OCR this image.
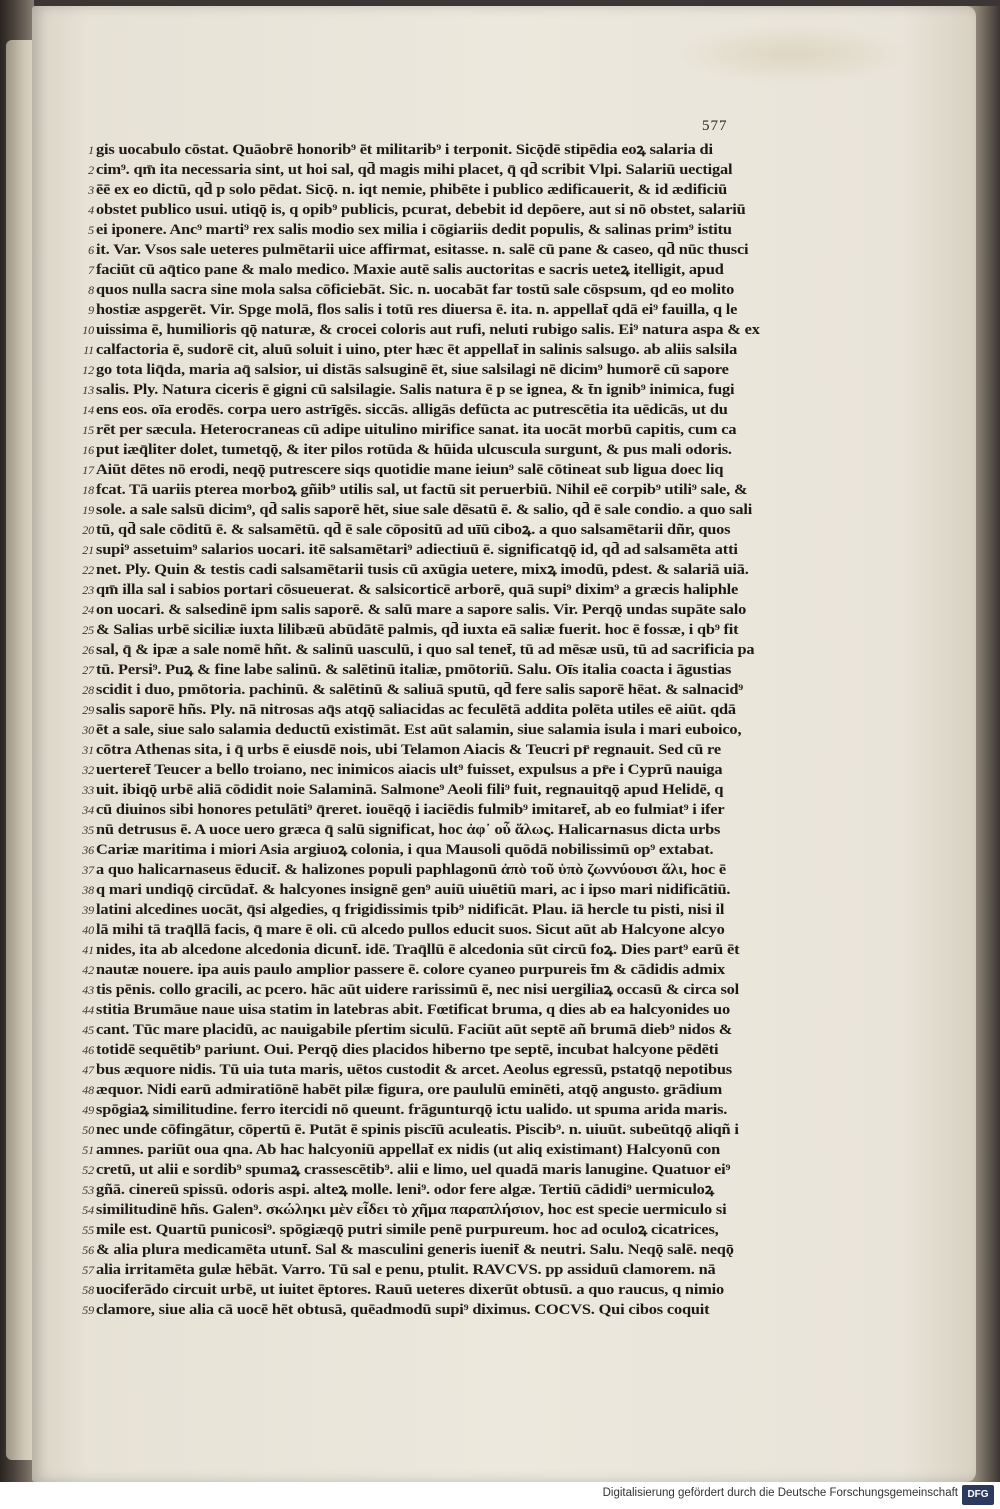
577
1 gis uocabulo cōstat. Quāobrē honorib⁹ ēt militarib⁹ i terponit. Sicǭdē stipēdia eoꝝ salaria di
2 cim⁹. qm̄ ita necessaria sint, ut hoi sal, qd̄ magis mihi placet, q̄ qd̄ scribit Vlpi. Salariū uectigal
3 ēē ex eo dictū, qd̄ p solo pēdat. Sicǭ. n. iqt nemie, phibēte i publico ædificauerit, & id ædificiū
4 obstet publico usui. utiqǭ is, q opib⁹ publicis, pcurat, debebit id depōere, aut si nō obstet, salariū
5 ei iponere. Anc⁹ marti⁹ rex salis modio sex milia i cōgiariis dedit populis, & salinas prim⁹ istitu
6 it. Var. Vsos sale ueteres pulmētarii uice affirmat, esitasse. n. salē cū pane & caseo, qd̄ nūc thusci
7 faciūt cū aq̄tico pane & malo medico. Maxie autē salis auctoritas e sacris ueteꝝ itelligit, apud
8 quos nulla sacra sine mola salsa cōficiebāt. Sic. n. uocabāt far tostū sale cōspsum, qd eo molito
9 hostiæ aspgerēt. Vir. Spge molā, flos salis i totū res diuersa ē. ita. n. appellat̄ qdā ei⁹ fauilla, q le
10 uissima ē, humilioris qǭ naturæ, & crocei coloris aut rufi, neluti rubigo salis. Ei⁹ natura aspa & ex
11 calfactoria ē, sudorē cit, aluū soluit i uino, pter hæc ēt appellat̄ in salinis salsugo. ab aliis salsila
12 go tota liq̄da, maria aq̄ salsior, ui distās salsuginē ēt, siue salsilagi nē dicim⁹ humorē cū sapore
13 salis. Ply. Natura ciceris ē gigni cū salsilagie. Salis natura ē p se ignea, & t̄n ignib⁹ inimica, fugi
14 ens eos. oīa erodēs. corpa uero astrīgēs. siccās. alligās defūcta ac putrescētia ita uēdicās, ut du
15 rēt per sæcula. Heterocraneas cū adipe uitulino mirifice sanat. ita uocāt morbū capitis, cum ca
16 put iæq̄liter dolet, tumetqǭ, & iter pilos rotūda & hūida ulcuscula surgunt, & pus mali odoris.
17 Aiūt dētes nō erodi, neqǭ putrescere siqs quotidie mane ieiun⁹ salē cōtineat sub ligua doec liq
18 fcat. Tā uariis pterea morboꝝ gñib⁹ utilis sal, ut factū sit peruerbiū. Nihil eē corpib⁹ utili⁹ sale, &
19 sole. a sale salsū dicim⁹, qd̄ salis saporē hēt, siue sale dēsatū ē. & salio, qd̄ ē sale condio. a quo sali
20 tū, qd̄ sale cōditū ē. & salsamētū. qd̄ ē sale cōpositū ad uīū ciboꝝ. a quo salsamētarii dñr, quos
21 supi⁹ assetuim⁹ salarios uocari. itē salsamētari⁹ adiectiuū ē. significatqǭ id, qd̄ ad salsamēta atti
22 net. Ply. Quin & testis cadi salsamētarii tusis cū axūgia uetere, mixꝝ imodū, pdest. & salariā uiā.
23 qm̄ illa sal i sabios portari cōsueuerat. & salsicorticē arborē, quā supi⁹ dixim⁹ a græcis haliphle
24 on uocari. & salsedinē ipm salis saporē. & salū mare a sapore salis. Vir. Perqǭ undas supāte salo
25 & Salias urbē siciliæ iuxta lilibæū abūdātē palmis, qd̄ iuxta eā saliæ fuerit. hoc ē fossæ, i qb⁹ fit
26 sal, q̄ & ipæ a sale nomē hñt. & salinū uasculū, i quo sal tenet̄, tū ad mēsæ usū, tū ad sacrificia pa
27 tū. Persi⁹. Puꝝ & fine labe salinū. & salētinū italiæ, pmōtoriū. Salu. Oīs italia coacta i āgustias
28 scidit i duo, pmōtoria. pachinū. & salētinū & saliuā sputū, qd̄ fere salis saporē hēat. & salnacid⁹
29 salis saporē hñs. Ply. nā nitrosas aq̄s atqǭ saliacidas ac feculētā addita polēta utiles eē aiūt. qdā
30 ēt a sale, siue salo salamia deductū existimāt. Est aūt salamin, siue salamia isula i mari euboico,
31 cōtra Athenas sita, i q̄ urbs ē eiusdē nois, ubi Telamon Aiacis & Teucri pr̄ regnauit. Sed cū re
32 uerteret̄ Teucer a bello troiano, nec inimicos aiacis ult⁹ fuisset, expulsus a pr̄e i Cyprū nauiga
33 uit. ibiqǭ urbē aliā cōdidit noie Salaminā. Salmone⁹ Aeoli fili⁹ fuit, regnauitqǭ apud Helidē, q
34 cū diuinos sibi honores petulāti⁹ q̄reret. iouēqǭ i iaciēdis fulmib⁹ imitaret̄, ab eo fulmiat⁹ i ifer
35 nū detrusus ē. A uoce uero græca q̄ salū significat, hoc ἀφ᾽ οὗ ἅλως. Halicarnasus dicta urbs
36 Cariæ maritima i miori Asia argiuoꝝ colonia, i qua Mausoli quōdā nobilissimū op⁹ extabat.
37 a quo halicarnaseus ēducit̄. & halizones populi paphlagonū ἀπὸ τοῦ ὑπὸ ζωννύουσι ἅλι, hoc ē
38 q mari undiqǭ circūdat̄. & halcyones insignē gen⁹ auiū uiuētiū mari, ac i ipso mari nidificātiū.
39 latini alcedines uocāt, q̄si algedies, q frigidissimis tpib⁹ nidificāt. Plau. iā hercle tu pisti, nisi il
40 lā mihi tā traq̄llā facis, q̄ mare ē oli. cū alcedo pullos educit suos. Sicut aūt ab Halcyone alcyo
41 nides, ita ab alcedone alcedonia dicunt̄. idē. Traq̄llū ē alcedonia sūt circū foꝝ. Dies part⁹ earū ēt
42 nautæ nouere. ipa auis paulo amplior passere ē. colore cyaneo purpureis t̄m & cādidis admix
43 tis pēnis. collo gracili, ac pcero. hāc aūt uidere rarissimū ē, nec nisi uergiliaꝝ occasū & circa sol
44 stitia Brumāue naue uisa statim in latebras abit. Fœtificat bruma, q dies ab ea halcyonides uo
45 cant. Tūc mare placidū, ac nauigabile pſertim siculū. Faciūt aūt septē añ brumā dieb⁹ nidos &
46 totidē sequētib⁹ pariunt. Oui. Perqǭ dies placidos hiberno tpe septē, incubat halcyone pēdēti
47 bus æquore nidis. Tū uia tuta maris, uētos custodit & arcet. Aeolus egressū, pstatqǭ nepotibus
48 æquor. Nidi earū admiratiōnē habēt pilæ figura, ore paululū eminēti, atqǭ angusto. grādium
49 spōgiaꝝ similitudine. ferro itercidi nō queunt. frāgunturqǭ ictu ualido. ut spuma arida maris.
50 nec unde cōfingātur, cōpertū ē. Putāt ē spinis piscīū aculeatis. Piscib⁹. n. uiuūt. subeūtqǭ aliqñ i
51 amnes. pariūt oua qna. Ab hac halcyoniū appellat̄ ex nidis (ut aliq existimant) Halcyonū con
52 cretū, ut alii e sordib⁹ spumaꝝ crassescētib⁹. alii e limo, uel quadā maris lanugine. Quatuor ei⁹
53 gñā. cinereū spissū. odoris aspi. alteꝝ molle. leni⁹. odor fere algæ. Tertiū cādidi⁹ uermiculoꝝ
54 similitudinē hñs. Galen⁹. σκώληκι μὲν εἶδει τὸ χῆμα παραπλήσιον, hoc est specie uermiculo si
55 mile est. Quartū punicosi⁹. spōgiæqǭ putri simile penē purpureum. hoc ad oculoꝝ cicatrices,
56 & alia plura medicamēta utunt̄. Sal & masculini generis iuenit̄ & neutri. Salu. Neqǭ salē. neqǭ
57 alia irritamēta gulæ hēbāt. Varro. Tū sal e penu, ptulit. RAVCVS. pp assiduū clamorem. nā
58 uociferādo circuit urbē, ut iuitet ēptores. Rauū ueteres dixerūt obtusū. a quo raucus, q nimio
59 clamore, siue alia cā uocē hēt obtusā, quēadmodū supi⁹ diximus. COCVS. Qui cibos coquit
Digitalisierung gefördert durch die Deutsche Forschungsgemeinschaft DFG
